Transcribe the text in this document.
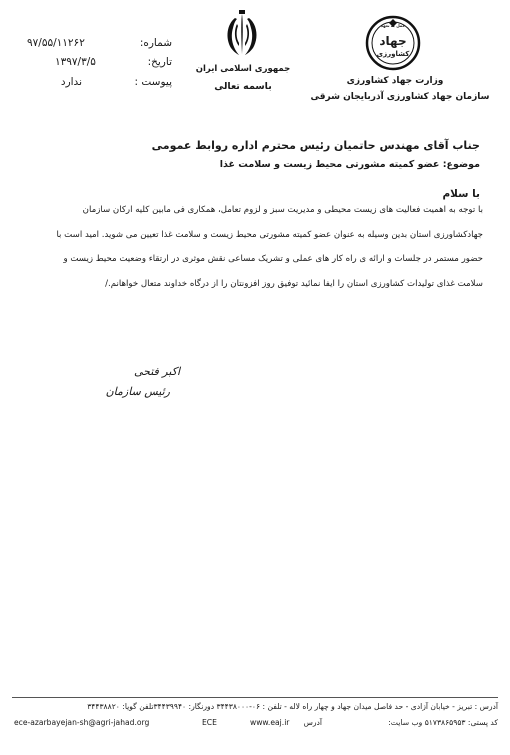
شماره:
۹۷/۵۵/۱۱۲۶۲
تاریخ:
۱۳۹۷/۳/۵
پیوست :
ندارد
جمهوری اسلامی ایران
باسمه تعالی
عمل به تعهد
جهاد
کشاورزی
وزارت جهاد کشاورزی
سازمان جهاد کشاورزی آذربایجان شرقی
جناب آقای مهندس حاتمیان رئیس محترم اداره روابط عمومی
موضوع: عضو کمیته مشورتی محیط زیست و سلامت غذا
با سلام
با توجه به اهمیت فعالیت های زیست محیطی و مدیریت سبز و لزوم تعامل، همکاری فی مابین کلیه ارکان سازمان
جهادکشاورزی استان بدین وسیله به عنوان عضو کمیته مشورتی محیط زیست و سلامت غذا تعیین می شوید. امید است با
حضور مستمر در جلسات و ارائه ی راه کار های عملی و تشریک مساعی نقش موثری در ارتقاء وضعیت محیط زیست و
سلامت غذای تولیدات کشاورزی استان را ایفا نمائید توفیق روز افزونتان را از درگاه خداوند متعال خواهانم./
اکبر فتحی
رئیس سازمان
آدرس : تبریز - خیابان آزادی - حد فاصل میدان جهاد و چهار راه لاله - تلفن : ۰۶-۳۴۴۳۸۰۰۰ دورنگار: ۳۴۴۳۹۹۴۰تلفن گویا: ۳۴۴۳۸۸۲۰
ece-azarbayejan-sh@agri-jahad.org	ECE	www.eaj.ir	آدرس	کد پستی: ۵۱۷۳۸۶۵۹۵۳ وب سایت:
